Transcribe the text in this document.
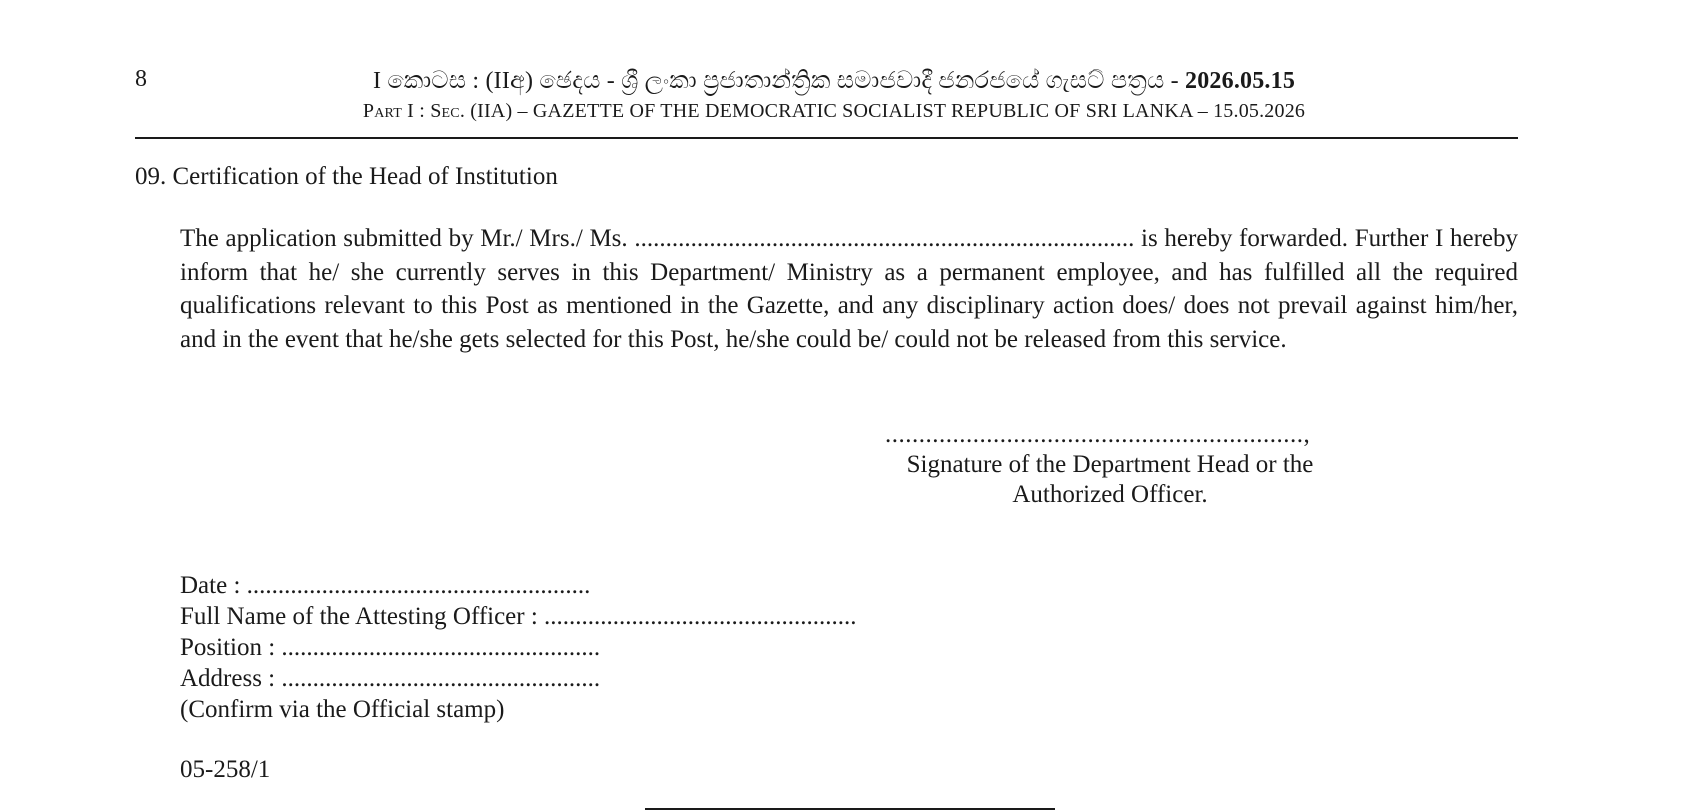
8	I කොටස : (IIඅ) ඡෙදය - ශ්‍රී ලංකා ප්‍රජාතාන්ත්‍රික සමාජවාදී ජනරජයේ ගැසට් පත්‍රය - 2026.05.15
Part I : Sec. (IIA) – GAZETTE OF THE DEMOCRATIC SOCIALIST REPUBLIC OF SRI LANKA – 15.05.2026
09. Certification of the Head of Institution
The application submitted by Mr./ Mrs./ Ms. ................................................................................ is hereby forwarded. Further I hereby inform that he/ she currently serves in this Department/ Ministry as a permanent employee, and has fulfilled all the required qualifications relevant to this Post as mentioned in the Gazette, and any disciplinary action does/ does not prevail against him/her, and in the event that he/she gets selected for this Post, he/she could be/ could not be released from this service.
..............................................................,
Signature of the Department Head or the
Authorized Officer.
Date : .......................................................
Full Name of the Attesting Officer : ..................................................
Position : ...................................................
Address : ...................................................
(Confirm via the Official stamp)
05-258/1
